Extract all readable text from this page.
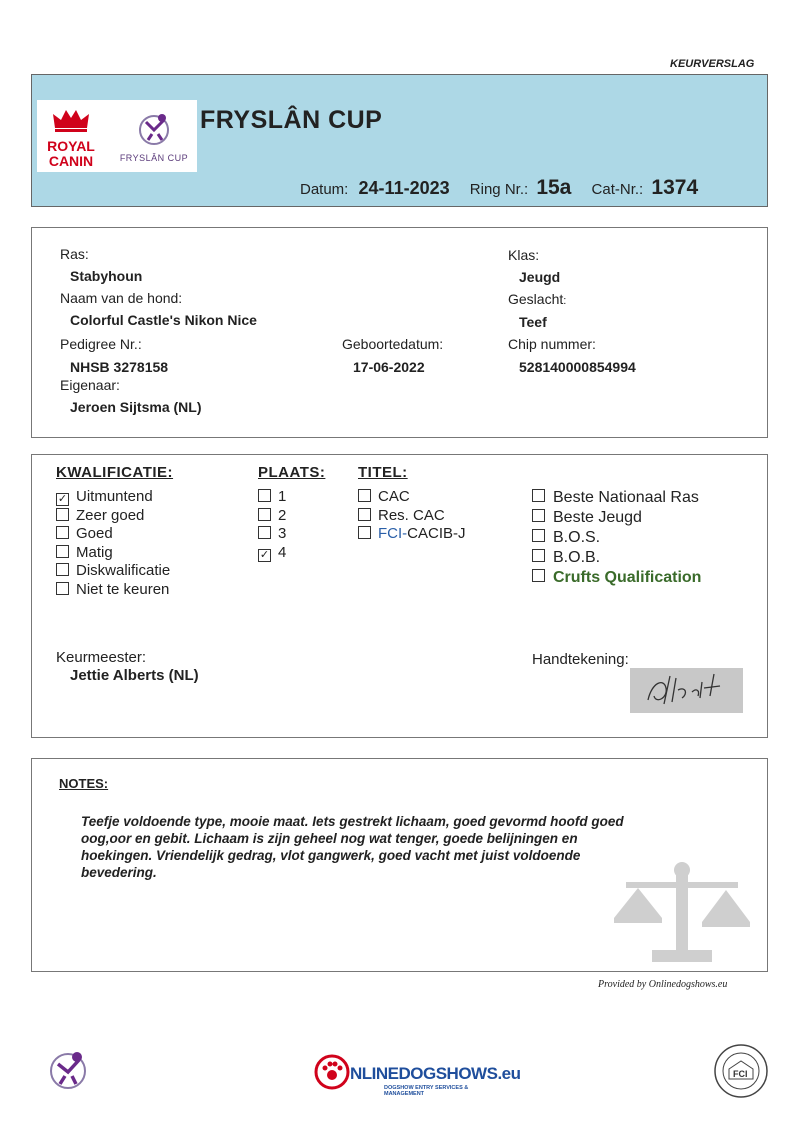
KEURVERSLAG
ROYAL
CANIN	FRYSLÂN CUP
FRYSLÂN CUP
Datum: 24-11-2023 Ring Nr.: 15a Cat-Nr.: 1374
Ras:
Stabyhoun
Naam van de hond:
Colorful Castle's Nikon Nice
Pedigree Nr.:
NHSB 3278158
Geboortedatum:
17-06-2022
Eigenaar:
Jeroen Sijtsma (NL)
Klas:
Jeugd
Geslacht:
Teef
Chip nummer:
528140000854994
KWALIFICATIE:
✓ Uitmuntend
Zeer goed
Goed
Matig
Diskwalificatie
Niet te keuren
PLAATS:
1
2
3
✓ 4
TITEL:
CAC
Res. CAC
FCI-CACIB-J
Beste Nationaal Ras
Beste Jeugd
B.O.S.
B.O.B.
Crufts Qualification
Keurmeester:
Jettie Alberts (NL)
Handtekening:
NOTES:
Teefje voldoende type, mooie maat. Iets gestrekt lichaam, goed gevormd hoofd goed
oog,oor en gebit. Lichaam is zijn geheel nog wat tenger, goede belijningen en
hoekingen. Vriendelijk gedrag, vlot gangwerk, goed vacht met juist voldoende
bevedering.
Provided by Onlinedogshows.eu
NLINEDOGSHOWS.eu
DOGSHOW ENTRY SERVICES & MANAGEMENT
FCI
